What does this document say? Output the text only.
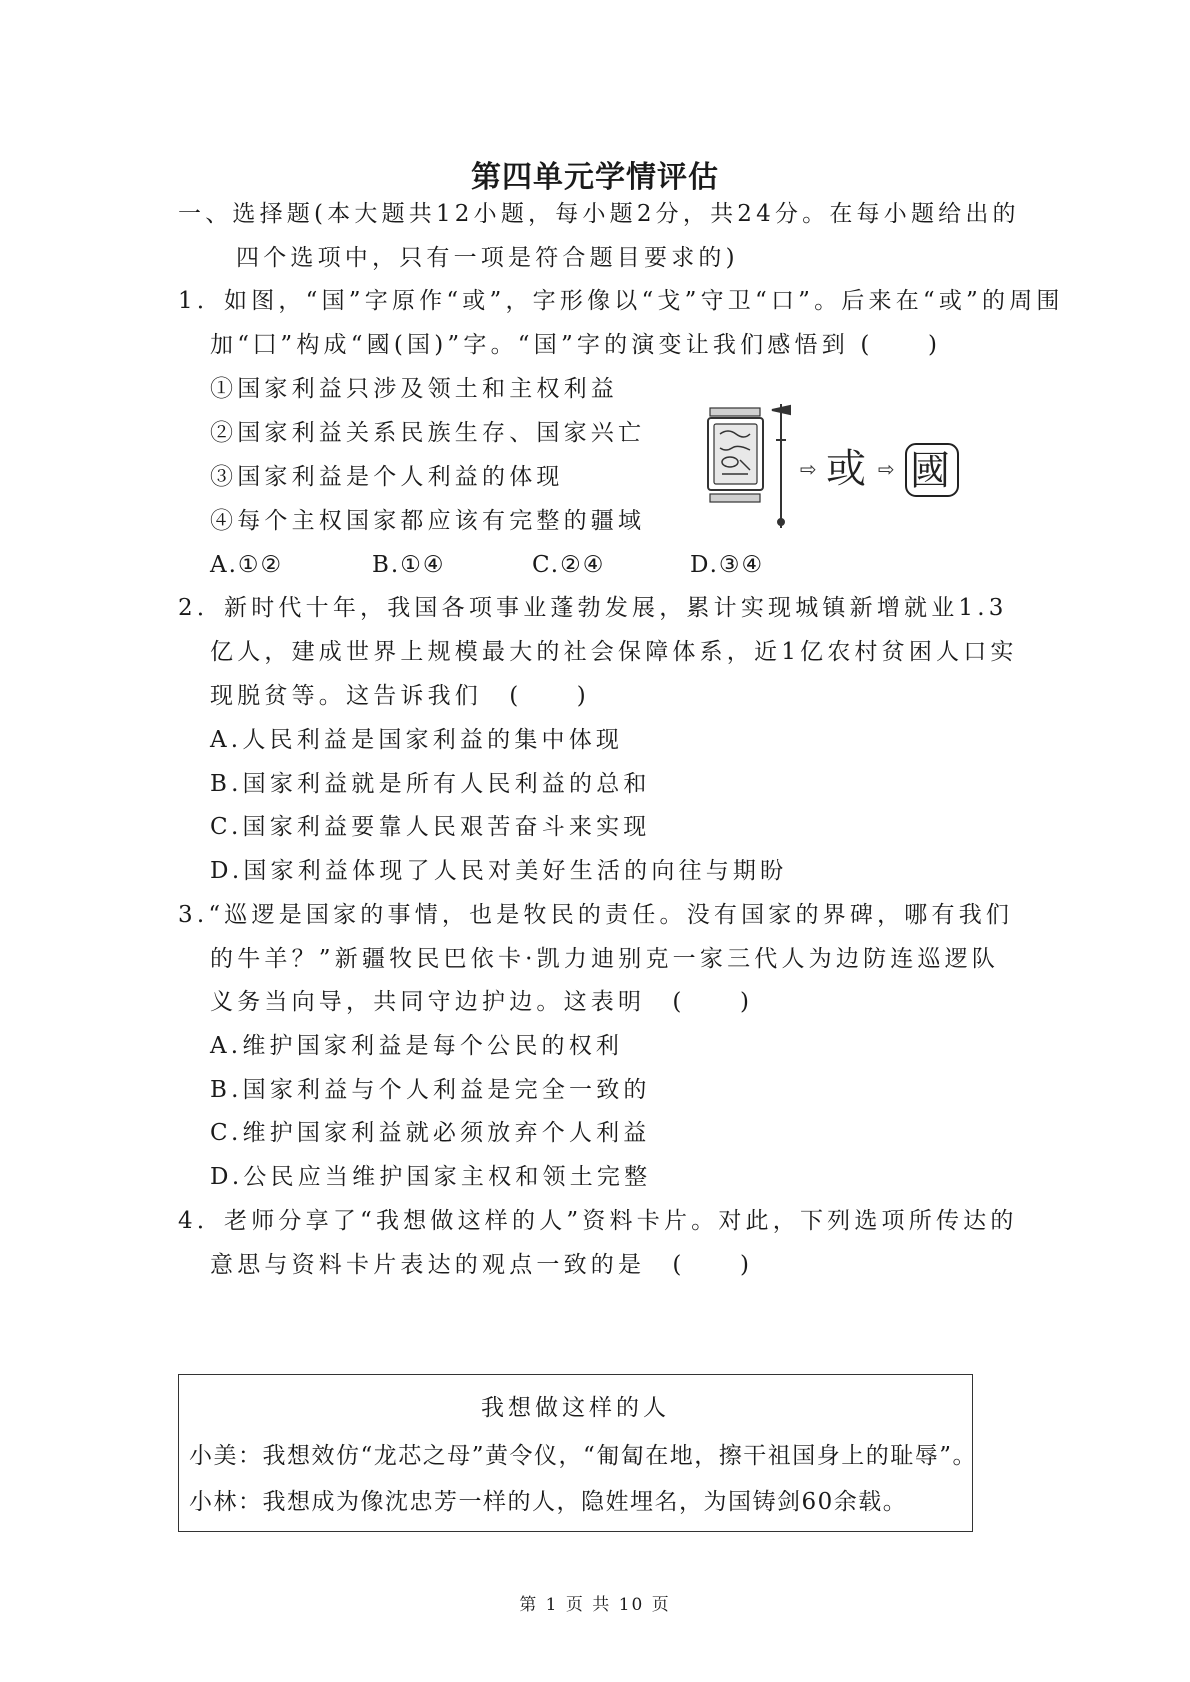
第四单元学情评估
一、选择题(本大题共12小题，每小题2分，共24分。在每小题给出的
四个选项中，只有一项是符合题目要求的)
1．如图，“国”字原作“或”，字形像以“戈”守卫“口”。后来在“或”的周围
加“囗”构成“國(国)”字。“国”字的演变让我们感悟到 (　　)
①国家利益只涉及领土和主权利益
②国家利益关系民族生存、国家兴亡
③国家利益是个人利益的体现
④每个主权国家都应该有完整的疆域
A.①②	B.①④	C.②④	D.③④
⇨ 或 ⇨ 國
2．新时代十年，我国各项事业蓬勃发展，累计实现城镇新增就业1.3
亿人，建成世界上规模最大的社会保障体系，近1亿农村贫困人口实
现脱贫等。这告诉我们　(　　)
A.人民利益是国家利益的集中体现
B.国家利益就是所有人民利益的总和
C.国家利益要靠人民艰苦奋斗来实现
D.国家利益体现了人民对美好生活的向往与期盼
3.“巡逻是国家的事情，也是牧民的责任。没有国家的界碑，哪有我们
的牛羊？”新疆牧民巴依卡·凯力迪别克一家三代人为边防连巡逻队
义务当向导，共同守边护边。这表明　(　　)
A.维护国家利益是每个公民的权利
B.国家利益与个人利益是完全一致的
C.维护国家利益就必须放弃个人利益
D.公民应当维护国家主权和领土完整
4．老师分享了“我想做这样的人”资料卡片。对此，下列选项所传达的
意思与资料卡片表达的观点一致的是　(　　)
我想做这样的人
小美：我想效仿“龙芯之母”黄令仪，“匍匐在地，擦干祖国身上的耻辱”。
小林：我想成为像沈忠芳一样的人，隐姓埋名，为国铸剑60余载。
第 1 页 共 10 页
